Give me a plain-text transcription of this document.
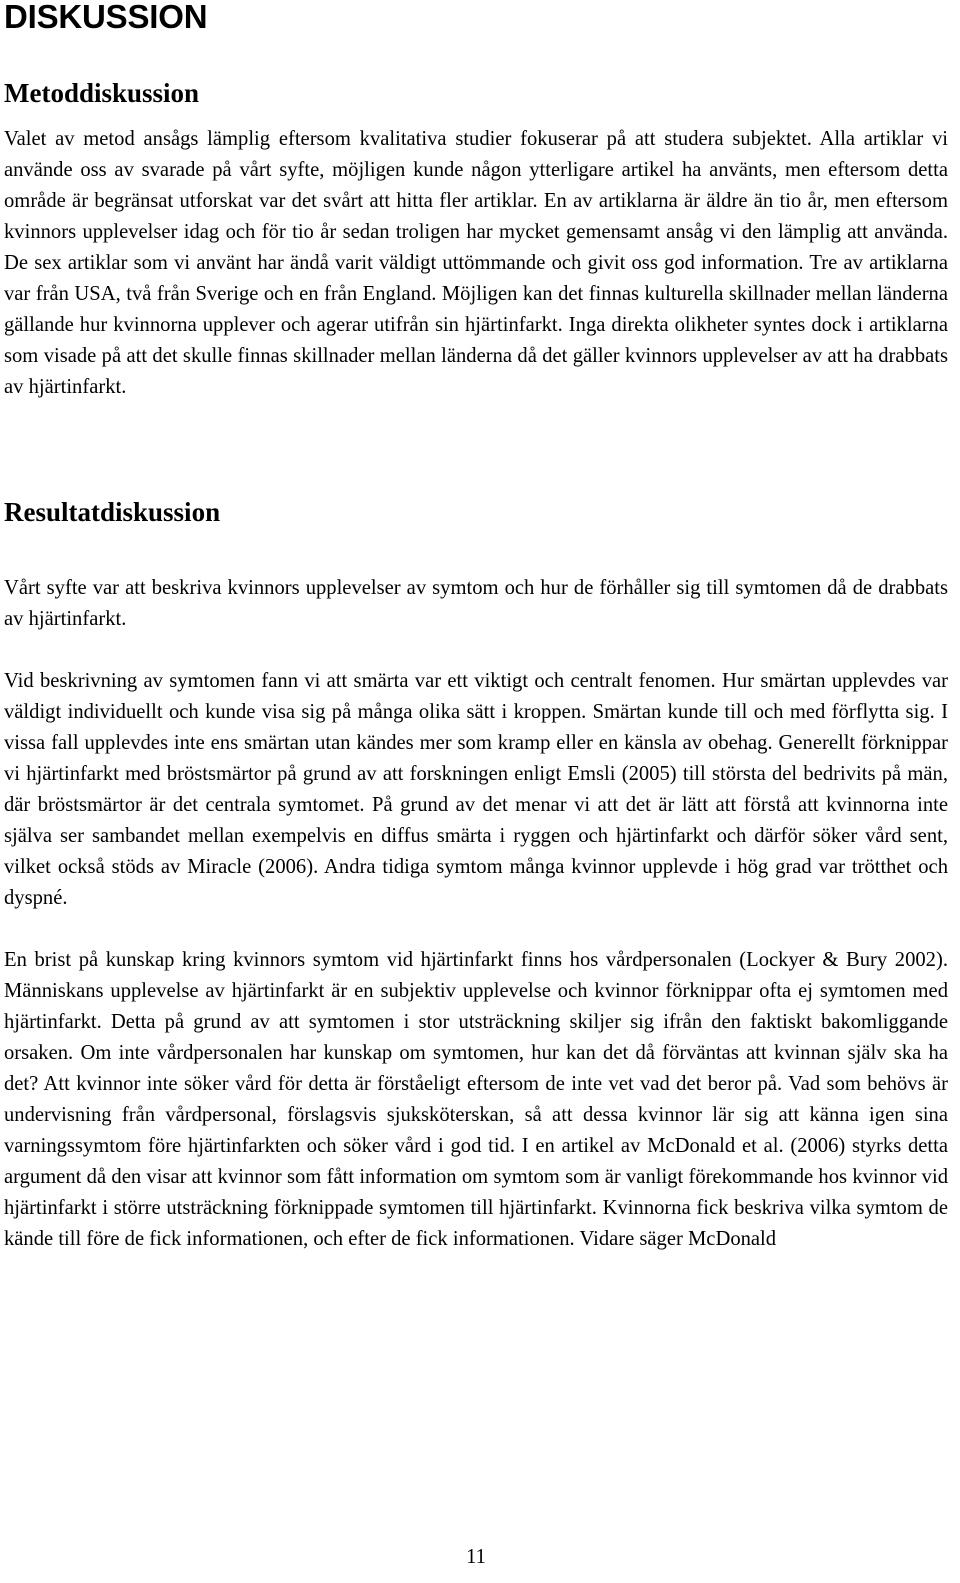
DISKUSSION
Metoddiskussion

Valet av metod ansågs lämplig eftersom kvalitativa studier fokuserar på att studera subjektet. Alla artiklar vi använde oss av svarade på vårt syfte, möjligen kunde någon ytterligare artikel ha använts, men eftersom detta område är begränsat utforskat var det svårt att hitta fler artiklar. En av artiklarna är äldre än tio år, men eftersom kvinnors upplevelser idag och för tio år sedan troligen har mycket gemensamt ansåg vi den lämplig att använda. De sex artiklar som vi använt har ändå varit väldigt uttömmande och givit oss god information. Tre av artiklarna var från USA, två från Sverige och en från England. Möjligen kan det finnas kulturella skillnader mellan länderna gällande hur kvinnorna upplever och agerar utifrån sin hjärtinfarkt. Inga direkta olikheter syntes dock i artiklarna som visade på att det skulle finnas skillnader mellan länderna då det gäller kvinnors upplevelser av att ha drabbats av hjärtinfarkt.

Resultatdiskussion

Vårt syfte var att beskriva kvinnors upplevelser av symtom och hur de förhåller sig till symtomen då de drabbats av hjärtinfarkt.

Vid beskrivning av symtomen fann vi att smärta var ett viktigt och centralt fenomen. Hur smärtan upplevdes var väldigt individuellt och kunde visa sig på många olika sätt i kroppen. Smärtan kunde till och med förflytta sig. I vissa fall upplevdes inte ens smärtan utan kändes mer som kramp eller en känsla av obehag. Generellt förknippar vi hjärtinfarkt med bröstsmärtor på grund av att forskningen enligt Emsli (2005) till största del bedrivits på män, där bröstsmärtor är det centrala symtomet. På grund av det menar vi att det är lätt att förstå att kvinnorna inte själva ser sambandet mellan exempelvis en diffus smärta i ryggen och hjärtinfarkt och därför söker vård sent, vilket också stöds av Miracle (2006). Andra tidiga symtom många kvinnor upplevde i hög grad var trötthet och dyspné.

En brist på kunskap kring kvinnors symtom vid hjärtinfarkt finns hos vårdpersonalen (Lockyer & Bury 2002). Människans upplevelse av hjärtinfarkt är en subjektiv upplevelse och kvinnor förknippar ofta ej symtomen med hjärtinfarkt. Detta på grund av att symtomen i stor utsträckning skiljer sig ifrån den faktiskt bakomliggande orsaken. Om inte vårdpersonalen har kunskap om symtomen, hur kan det då förväntas att kvinnan själv ska ha det? Att kvinnor inte söker vård för detta är förståeligt eftersom de inte vet vad det beror på. Vad som behövs är undervisning från vårdpersonal, förslagsvis sjuksköterskan, så att dessa kvinnor lär sig att känna igen sina varningssymtom före hjärtinfarkten och söker vård i god tid. I en artikel av McDonald et al. (2006) styrks detta argument då den visar att kvinnor som fått information om symtom som är vanligt förekommande hos kvinnor vid hjärtinfarkt i större utsträckning förknippade symtomen till hjärtinfarkt. Kvinnorna fick beskriva vilka symtom de kände till före de fick informationen, och efter de fick informationen. Vidare säger McDonald

11
